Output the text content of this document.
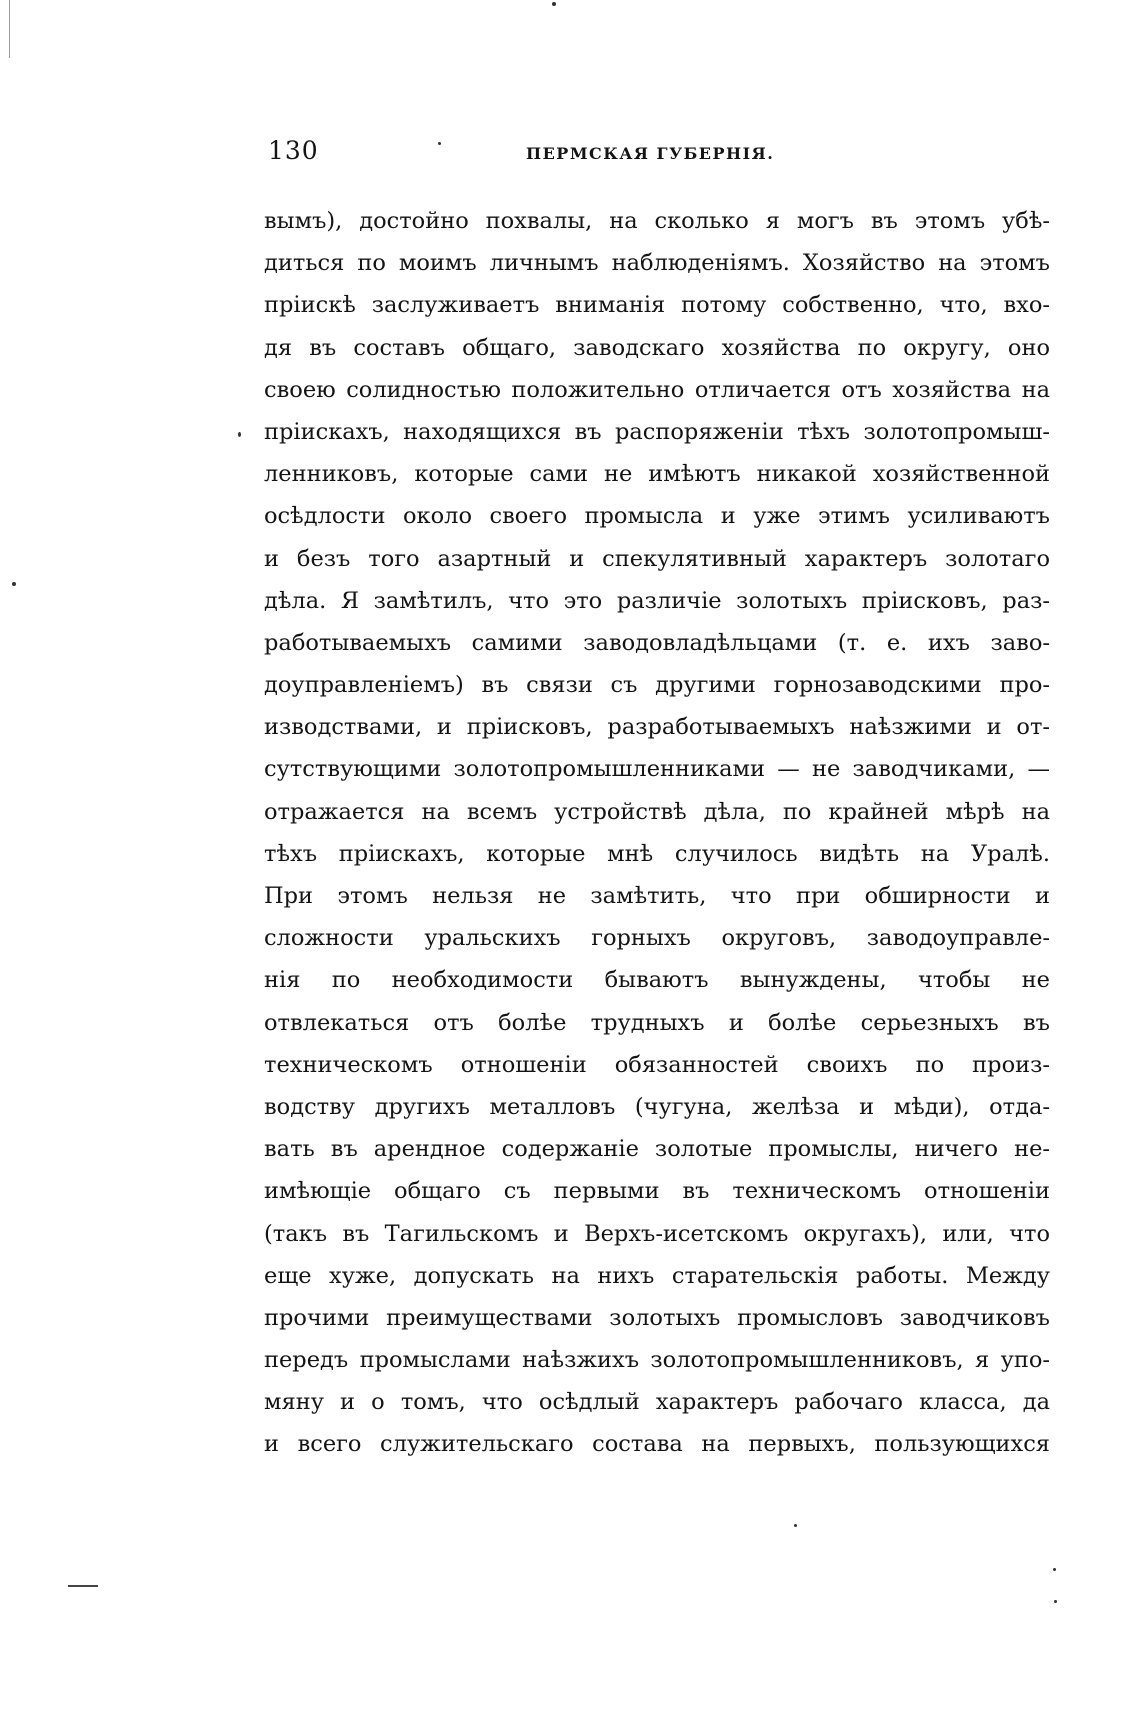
130	ПЕРМСКАЯ ГУБЕРНІЯ.
вымъ), достойно похвалы, на сколько я могъ въ этомъ убѣ-
диться по моимъ личнымъ наблюденіямъ. Хозяйство на этомъ
пріискѣ заслуживаетъ вниманія потому собственно, что, вхо-
дя въ составъ общаго, заводскаго хозяйства по округу, оно
своею солидностью положительно отличается отъ хозяйства на
пріискахъ, находящихся въ распоряженіи тѣхъ золотопромыш-
ленниковъ, которые сами не имѣютъ никакой хозяйственной
осѣдлости около своего промысла и уже этимъ усиливаютъ
и безъ того азартный и спекулятивный характеръ золотаго
дѣла. Я замѣтилъ, что это различіе золотыхъ пріисковъ, раз-
работываемыхъ самими заводовладѣльцами (т. е. ихъ заво-
доуправленіемъ) въ связи съ другими горнозаводскими про-
изводствами, и пріисковъ, разработываемыхъ наѣзжими и от-
сутствующими золотопромышленниками — не заводчиками, —
отражается на всемъ устройствѣ дѣла, по крайней мѣрѣ на
тѣхъ пріискахъ, которые мнѣ случилось видѣть на Уралѣ.
При этомъ нельзя не замѣтить, что при обширности и
сложности уральскихъ горныхъ округовъ, заводоуправле-
нія по необходимости бываютъ вынуждены, чтобы не
отвлекаться отъ болѣе трудныхъ и болѣе серьезныхъ въ
техническомъ отношеніи обязанностей своихъ по произ-
водству другихъ металловъ (чугуна, желѣза и мѣди), отда-
вать въ арендное содержаніе золотые промыслы, ничего не-
имѣющіе общаго съ первыми въ техническомъ отношеніи
(такъ въ Тагильскомъ и Верхъ-исетскомъ округахъ), или, что
еще хуже, допускать на нихъ старательскія работы. Между
прочими преимуществами золотыхъ промысловъ заводчиковъ
передъ промыслами наѣзжихъ золотопромышленниковъ, я упо-
мяну и о томъ, что осѣдлый характеръ рабочаго класса, да
и всего служительскаго состава на первыхъ, пользующихся
